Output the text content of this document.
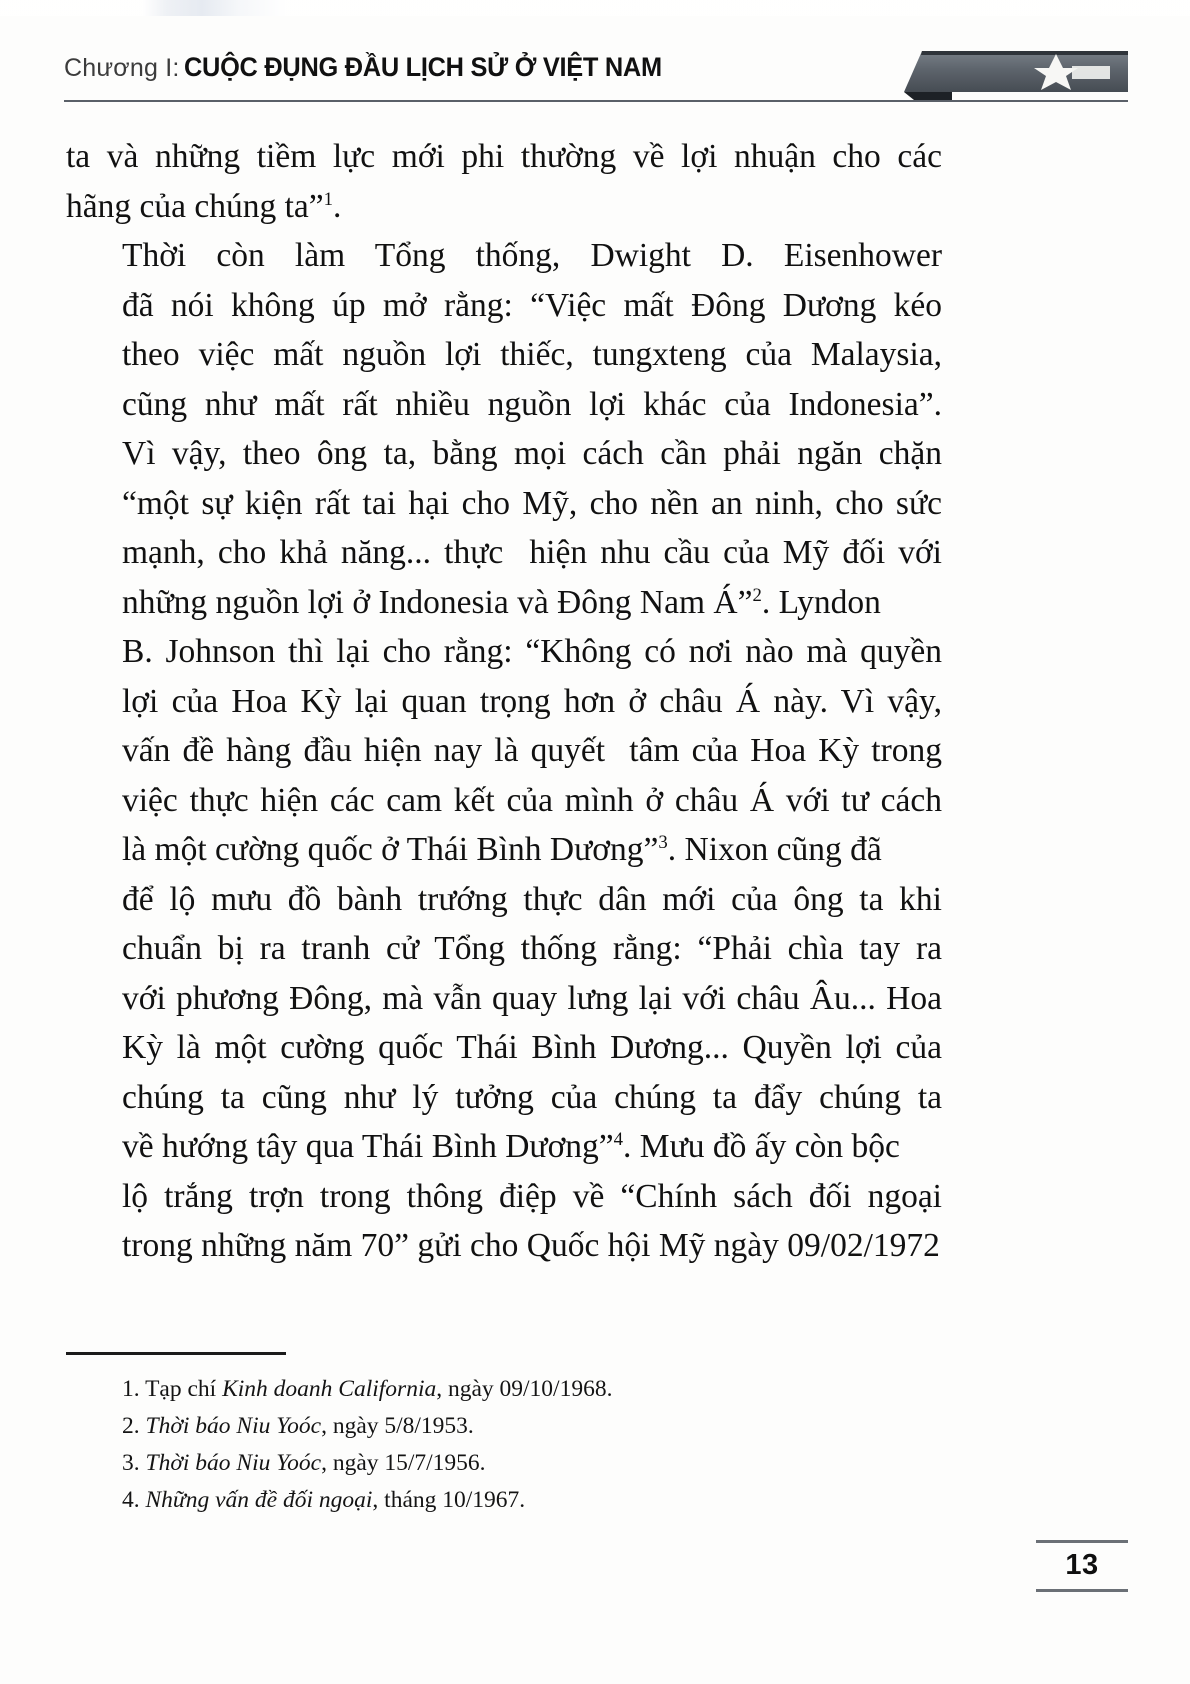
Chương I: CUỘC ĐỤNG ĐẦU LỊCH SỬ Ở VIỆT NAM

ta và những tiềm lực mới phi thường về lợi nhuận cho các
hãng của chúng ta”$^1$.

Thời còn làm Tổng thống, Dwight D. Eisenhower
đã nói không úp mở rằng: “Việc mất Đông Dương kéo
theo việc mất nguồn lợi thiếc, tungxteng của Malaysia,
cũng như mất rất nhiều nguồn lợi khác của Indonesia”.
Vì vậy, theo ông ta, bằng mọi cách cần phải ngăn chặn
“một sự kiện rất tai hại cho Mỹ, cho nền an ninh, cho sức
mạnh, cho khả năng... thực  hiện nhu cầu của Mỹ đối với
những nguồn lợi ở Indonesia và Đông Nam Á”$^2$. Lyndon
B. Johnson thì lại cho rằng: “Không có nơi nào mà quyền
lợi của Hoa Kỳ lại quan trọng hơn ở châu Á này. Vì vậy,
vấn đề hàng đầu hiện nay là quyết  tâm của Hoa Kỳ trong
việc thực hiện các cam kết của mình ở châu Á với tư cách
là một cường quốc ở Thái Bình Dương”$^3$. Nixon cũng đã
để lộ mưu đồ bành trướng thực dân mới của ông ta khi
chuẩn bị ra tranh cử Tổng thống rằng: “Phải chìa tay ra
với phương Đông, mà vẫn quay lưng lại với châu Âu... Hoa
Kỳ là một cường quốc Thái Bình Dương... Quyền lợi của
chúng ta cũng như lý tưởng của chúng ta đẩy chúng ta
về hướng tây qua Thái Bình Dương”$^4$. Mưu đồ ấy còn bộc
lộ trắng trợn trong thông điệp về “Chính sách đối ngoại
trong những năm 70” gửi cho Quốc hội Mỹ ngày 09/02/1972

1. Tạp chí Kinh doanh California, ngày 09/10/1968.

2. Thời báo Niu Yoóc, ngày 5/8/1953.

3. Thời báo Niu Yoóc, ngày 15/7/1956.

4. Những vấn đề đối ngoại, tháng 10/1967.

13
